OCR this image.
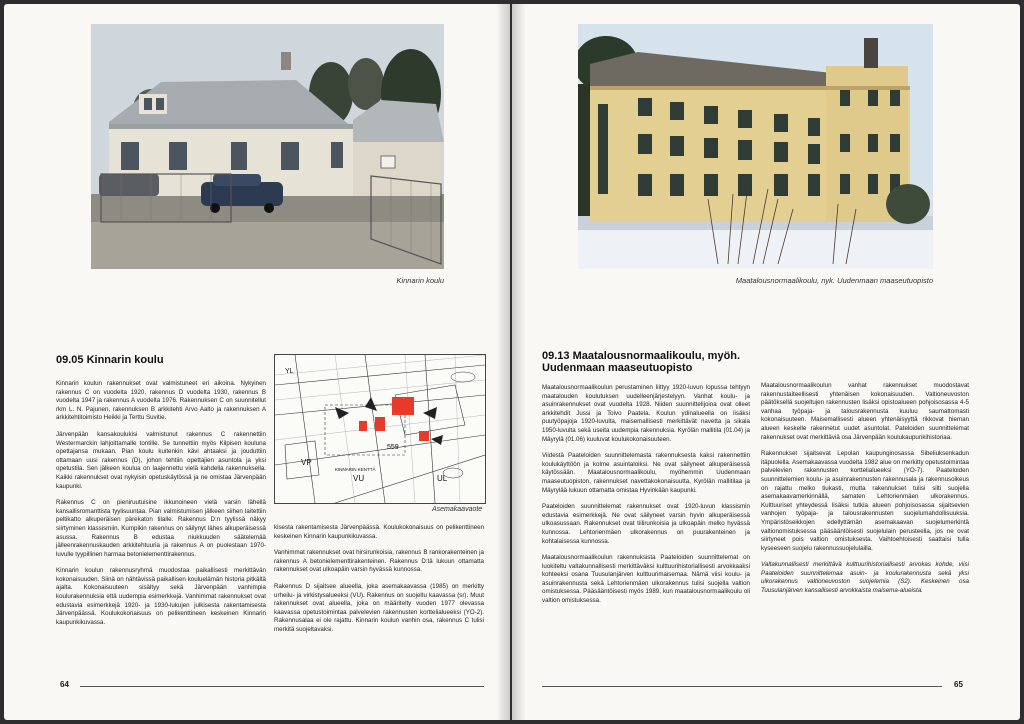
Kinnarin koulu
09.05 Kinnarin koulu

Kinnarin koulun rakennukset ovat valmistuneet eri aikoina. Nykyinen rakennus C on vuodelta 1920, rakennus D vuodelta 1930, rakennus B vuodelta 1947 ja rakennus A vuodelta 1976. Rakennuksen C on suunnitellut rkm L. N. Pajunen, rakennuksen B arkkitehti Arvo Aalto ja rakennuksen A arkkitehtitoimisto Heikki ja Terttu Suvitie.

Järvenpään kansakoulukisi valmistunut rakennus C rakennettiin Westermarckin lahjoittamalle tontille. Se tunnettiin myös Kilpisen kouluna opettajansa mukaan. Pian koulu kuitenkin kävi ahtaaksi ja jouduttiin ottamaan uusi rakennus (D), johon tehtiin opettajien asuntola ja yksi opetustila. Sen jälkeen koulua on laajennettu vielä kahdella rakennuksella. Kaikki rakennukset ovat nykyisin opetuskäytössä ja ne omistaa Järvenpään kaupunki.

Rakennus C on pieniruutuisine ikkunoineen vielä varsin lähellä kansallisromanttista tyylisuuntaa. Pian valmistumisen jälkeen siihen laitettiin peltikatto alkuperäisen pärekaton tilalle. Rakennus D:n tyylissä näkyy siirtyminen klassismiin. Kumpikin rakennus on säilynyt lähes alkuperäisessä asussa. Rakennus B edustaa niukkuuden säätelemää jälleenrakennuskauden arkkitehtuuria ja rakennus A on puolestaan 1970-luvulle tyypillinen harmaa betonielementtirakennus.

Kinnarin koulun rakennusryhmä muodostaa paikallisesti merkittävän kokonaisuuden. Siinä on nähtävissä paikallisen kouluelämän historia pitkältä ajalta. Kokonaisuuteen sisältyy sekä Järvenpään vanhimpia koulurakennuksia että uudempia esimerkkejä. Vanhimmat rakennukset ovat edustavia esimerkkejä 1920- ja 1930-lukujen julkisesta rakentamisesta Järvenpäässä. Koulukokonaisuus on pelikenttineen keskeinen Kinnarin kaupunkikuvassa.

VP
VU	UL
KINNARIN KENTTÄ
559
YL
Asemakaavaote

kisesta rakentamisesta Järvenpäässä. Koulukokonaisuus on pelikenttineen keskeinen Kinnarin kaupunkikuvassa.

Vanhimmat rakennukset ovat hirsirunkoisia, rakennus B rankorakenteinen ja rakennus A betonielementtirakenteinen. Rakennus D:tä lukuun ottamatta rakennukset ovat ulkoapäin varsin hyvässä kunnossa.

Rakennus D sijaitsee alueella, joka asemakaavassa (1985) on merkitty urheilu- ja virkistysalueeksi (VU). Rakennus on suojeltu kaavassa (sr). Muut rakennukset ovat alueella, joka on määritelty vuoden 1977 olevassa kaavassa opetustoimintaa palvelevien rakennusten korttelialueeksi (YO-2). Rakennusalaa ei ole rajattu. Kinnarin koulun vanhin osa, rakennus C tulisi merkitä suojeltavaksi.

64
Maatalousnormaalikoulu, nyk. Uudenmaan maaseutuopisto
09.13 Maatalousnormaalikoulu, myöh.
Uudenmaan maaseutuopisto

Maatalousnormaalikoulun perustaminen liittyy 1920-luvun lopussa tehtyyn maatalouden koulutuksen uudelleenjärjestelyyn. Vanhat koulu- ja asuinrakennukset ovat vuodelta 1928. Niiden suunnittelijoina ovat olleet arkkitehdit Jussi ja Toivo Paatela. Koulun ydinalueella on lisäksi puutyöpajoja 1920-luvulta, maisemallisesti merkittävät navetta ja sikala 1950-luvulta sekä useita uudempia rakennuksia. Kyrölän mallitila (01.04) ja Mäyrylä (01.06) kuuluvat koulukokonaisuuteen.

Viidestä Paateloiden suunnittelemasta rakennuksesta kaksi rakennettiin koulukäyttöön ja kolme asuintaloiksi. Ne ovat säilyneet alkuperäisessä käytössään. Maatalousnormaalikoulu, myöhemmin Uudenmaan maaseutuopiston, rakennukset navettakokonaisuutta, Kyrölän mallitilaa ja Mäyrylää lukuun ottamatta omistaa Hyvinkään kaupunki.

Paateloiden suunnittelemat rakennukset ovat 1920-luvun klassismin edustavia esimerkkejä. Ne ovat säilyneet varsin hyvin alkuperäisessä ulkoasussaan. Rakennukset ovat tiilirunkoisia ja ulkoapäin melko hyvässä kunnossa. Lehtorienmäen ulkorakennus on puurakenteinen ja kohtalaisessa kunnossa.

Maatalousnormaalikoulun rakennuksista Paateloiden suunnittelemat on luokiteltu valtakunnallisesti merkittäväksi kulttuurihistoriallisesti arvokkaaksi kohteeksi osana Tuusulanjärven kulttuurimaisemaa. Nämä viisi koulu- ja asuinrakennusta sekä Lehtorienmäen ulkorakennus tulisi suojella valtion omistuksessa. Pääsääntöisesti myös 1989, kun maatalousnormaalikoulu oli valtion omistuksessa.

Maatalousnormaalikoulun vanhat rakennukset muodostavat rakennustaiteellisesti yhtenäisen kokonaisuuden. Valtioneuvoston päätöksellä suojeltujen rakennusten lisäksi opistoalueen pohjoisosassa 4-5 vanhaa työpaja- ja talousrakennusta kuuluu saumattomasti kokonaisuuteen. Maisemallisesti alueen yhtenäisyyttä rikkovat hieman alueen keskelle rakennetut uudet asuntolat. Pateloiden suunnittelemat rakennukset ovat merkittäviä osa Järvenpään koulukaupunkihistoriaa.

Rakennukset sijaitsevat Lepolan kaupunginosassa Sibeliuksenkadun itäpuolella. Asemakaavassa vuodelta 1982 alue on merkitty opetustoimintaa palvelevien rakennusten korttelialueeksi (YO-7). Paateloiden suunnittelemien koulu- ja asuinrakennusten rakennusala ja rakennusoikeus on rajattu melko tiukasti, mutta rakennukset tulisi silti suojella asemakaavamerkinnällä, samaten Lehtorienmäen ulkorakennus. Kulttuuriset yhteydessä lisäksi tutkia alueen pohjoisosassa sijaitsevien vanhojen työpaja- ja talousrakennusten suojelumahdollisuuksia. Ympäristöseikkojen edellyttämän asemakaavan suojelumerkintä valtionomistuksessa pääsääntöisesti suojelulain perusteella, jos ne ovat siirtyneet pois valtion omistuksesta. Vaihtoehtoisesti saattaisi tulla kyseeseen suojelu rakennussuojelulailla.

Valtakunnallisesti merkittävä kulttuurihistoriallisesti arvokas kohde, viisi Paateloiden suunnittelemaa asuin- ja koulurakennusta sekä yksi ulkorakennus valtioneuvoston suojelemia (S2). Keskeinen osa Tuusulanjärven kansallisesti arvokkaista maisema-alueista.

65
